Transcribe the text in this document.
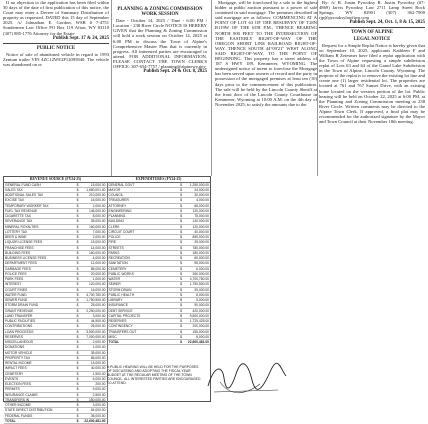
If no objection to the application has been filed within 30 days of the date of first publication of this notice, the Court may enter a Decree of Summary Distribution of property as requested. DATED this 15 day of September 2025. /s/ Johnathan E. Gordon, WSB # 7-4751 Sondermen Law Office PO Box 119 Afton, WY 83110 (307) 885-1776 Attorney for the Estate

Publish Sept. 17 & 24, 2025

PUBLIC NOTICE

Notice of sale of abandoned vehicle in regard to 1993 Zenium trailer VIN 4ZC12WE2P12095840. The vehicle was abandoned on or

PLANNING & ZONING COMMISSION WORK SESSION

Date - October 14, 2025 / Time - 6:00 PM / Location - 238 River Circle NOTICE IS HEREBY GIVEN that the Planning & Zoning Commission will hold a work session on October 14, 2025 at 6:00 PM to discuss the Town of Alpine's Comprehensive Master Plan that is currently in progress. All interested parties are encouraged to attend. FOR ADDITIONAL INFORMATION, PLEASE CONTACT THE TOWN CLERK'S OFFICE: 307-654-7757 / planning@alpinewy.gov

Publish Sept. 24 & Oct. 8, 2025

Mortgage, will be foreclosed by a sale to the highest bidder at public auction pursuant to a power of sale contained in said mortgage. The premises described in said mortgage are as follows: COMMENCING AT A POINT OF LOT 63 OF THE RESURVEY OF T28N R119W OF THE 6TH P.M., THENCE BEARING NORTH 900 FEET TO THE INTERSECTION OF THE EASTERLY RIGHT-OF-WAY OF THE OREGON SHORT LINE RAILROAD RIGHT-OF-WAY. THENCE SOUTH 44°09'21" WEST ALONG SAID RIGHT-OF-WAY, TO THE POINT OF BEGINNING. This property has a street address of 187 S HWY 189, Kemmerer, WYOMING. The undersigned notice of intent to foreclose the Mortgage has been served upon owners of record and the party in possession of the mortgaged premises at least ten (10) days prior to the commencement of this publication. The sale will be held by the Lincoln County Sheriff at the front door of the Lincoln County Courthouse in Kemmerer, Wyoming at 10:00 A.M. on the 4th day of November 2025, to satisfy the amounts due to the

By: /s/ R. Justin Pyrooksy R. Justin Pyrooksy (#7-4869) Jarvis Pyrooksy Law 2711 Lamp Street Rock Springs, WY 82901 (307) 362-7900 rjp@pyrooksylawfirm.com

Publish Sept. 24, Oct. 1, 8 & 15, 2025

TOWN OF ALPINE

LEGAL NOTICE

Request for a Simple Replat Notice is hereby given that on September 10, 2025, applicants Kathleen F and William R Zeiesmer have filed a replat application with the Town of Alpine requesting a simple subdivision replat of Lots 63 and 64 of the Grand Lake Subdivision in the Town of Alpine, Lincoln County, Wyoming. The purpose of the replat is to remove the existing lot line and create one (1) larger residential lot. The properties are located at 761 and 767 Sunset Drive, with an existing home located on the western portion of the lot. Public hearing will be held on October 22, 2025 at 6:00 PM, at the Planning and Zoning Commission meeting at 238 River Circle. Written comments may be directed to the Alpine Town Clerk. If approved, a final plat may be recommended for the authorized signature by the Mayor and Town Council at their November 18th meeting.

REVENUE SOURCE (FY24-25)	EXPENDITURES (FY24-25)
GENERAL FUND CASH	$	15,000.00
SALES TAX	$	1,650,001.00
ADDITIONAL SALES TAX	$	210,000.00
EXCISE TAX	$	16,000.00
TEMPORARY WORKER TAX	$	2,000.00
FUEL TAX REVENUE	$	146,000.00
CIGARETTE TAX	$	8,000.00
SEVERANCE TAX	$	35,000.00
MINERAL ROYALTIES	$	160,000.00
LOTTERY TAX	$	7,000.00
BEER & WINE	$	2,000.00
LIQUOR LICENSE FEES	$	15,000.00
FRANCHISE FEES	$	14,000.00
BUILDING FEES	$	160,000.00
BUSINESS LICENSE FEES	$	4,000.00
DEPARTMENT FEES	$	12,000.00
GARBAGE FEES	$	85,000.00
POLICE FEES	$	20,000.00
PARK FEES	$	1,000.00
INTEREST	$	120,000.00
COURT FINES	$	16,000.00
WATER FUND	$	4,700,780.00
SEWER FUND	$	1,750,500.00
STORM DRAIN FUND	$	25,000.00
GRANT REVENUE	$	2,250,000.00
LAND TRANSFER	$	3,000.00
PUBLIC FACILITIES	$	44,500.00
CONTRIBUTIONS	$	25,000.00
LOAN PROCEEDS	$	3,500,000.00
RESERVES	$	7,000,000.00
MISCELLANEOUS	$	2,000.00
DONATIONS	$	1,000.00
MOTOR VEHICLE	$	35,000.00
PROPERTY TAX	$	85,000.00
RENTAL INCOME	$	15,000.00
IMPACT FEES	$	40,000.00
CEMETERY	$	1,500.00
EVENTS	$	6,000.00
ELECTION FEES	$	200.00
PERMITS	$	9,000.00
INSURANCE CLAIMS	$	2,500.00
TRANSFERS IN	$	150,000.00
OTHER INCOME	$	3,000.00
STATE DIRECT DISTRIBUTION	$	54,000.00
FEDERAL FUNDS	$	36,000.00
TOTAL	$	22,600,481.00
GENERAL GOVT	$	1,250,000.00
MAYOR	$	24,000.00
COUNCIL	$	30,000.00
TREASURER	$	4,000.00
ATTORNEY	$	65,000.00
ENGINEERING	$	120,000.00
PLANNING	$	75,000.00
BUILDING	$	140,000.00
CLERK	$	120,000.00
CIRCUIT COURT	$	40,000.00
POLICE	$	850,000.00
FIRE	$	25,000.00
STREETS	$	780,000.00
PARKS	$	180,000.00
RECREATION	$	60,000.00
SANITATION	$	95,000.00
CEMETERY	$	6,000.00
PUBLIC WORKS	$	260,000.00
WATER	$	4,700,780.00
SEWER	$	1,750,500.00
STORM DRAIN	$	25,000.00
PUBLIC HEALTH	$	8,000.00
LIBRARY	$	5,000.00
INSURANCE	$	90,000.00
DEBT SERVICE	$	420,000.00
CAPITAL PROJECTS	$	9,500,000.00
RESERVES	$	1,725,425.00
CONTINGENCY	$	200,000.00
TRANSFERS OUT	$	150,000.00
MISC	$	5,000.00
TOTAL	$	22,600,481.00
A PUBLIC HEARING WILL BE HELD FOR THE PURPOSES OF DISCUSSING AND ADOPTING THE FISCAL YEAR BUDGET AT THE REGULAR MEETING OF THE TOWN COUNCIL. ALL INTERESTED PARTIES ARE ENCOURAGED TO ATTEND.
